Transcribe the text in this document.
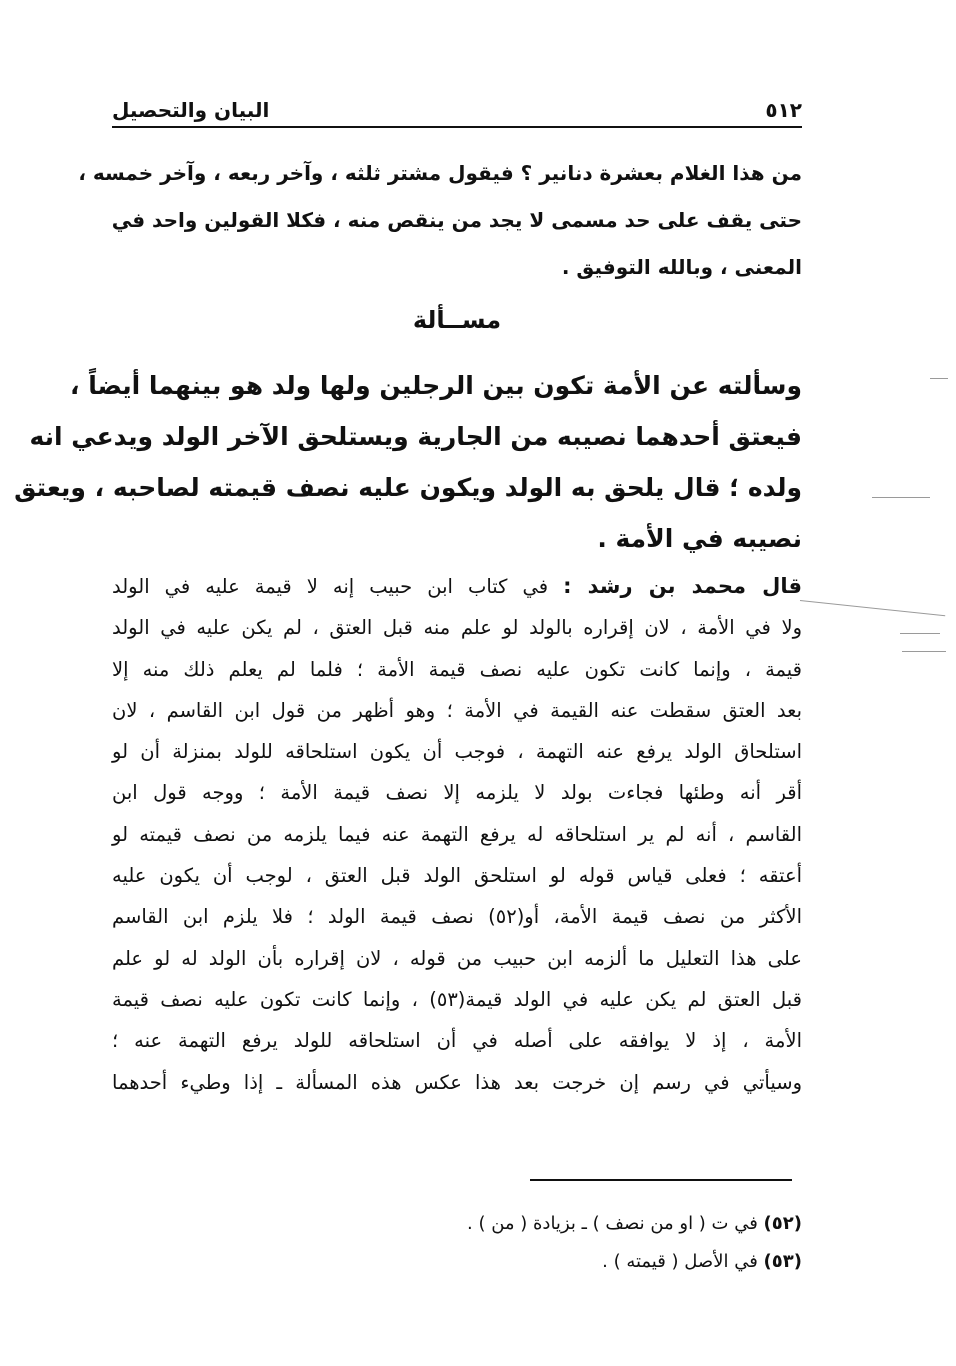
٥١٢
البيان والتحصيل
من هذا الغلام بعشرة دنانير ؟ فيقول مشتر ثلثه ، وآخر ربعه ، وآخر خمسه ،
حتى يقف على حد مسمى لا يجد من ينقص منه ، فكلا القولين واحد في
المعنى ، وبالله التوفيق .
مســألة
وسألته عن الأمة تكون بين الرجلين ولها ولد هو بينهما أيضاً ،
فيعتق أحدهما نصيبه من الجارية ويستلحق الآخر الولد ويدعي انه
ولده ؛ قال يلحق به الولد ويكون عليه نصف قيمته لصاحبه ، ويعتق
نصيبه في الأمة .
قال محمد بن رشد : في كتاب ابن حبيب إنه لا قيمة عليه في الولد
ولا في الأمة ، لان إقراره بالولد لو علم منه قبل العتق ، لم يكن عليه في الولد
قيمة ، وإنما كانت تكون عليه نصف قيمة الأمة ؛ فلما لم يعلم ذلك منه إلا
بعد العتق سقطت عنه القيمة في الأمة ؛ وهو أظهر من قول ابن القاسم ، لان
استلحاق الولد يرفع عنه التهمة ، فوجب أن يكون استلحاقه للولد بمنزلة أن لو
أقر أنه وطئها فجاءت بولد لا يلزمه إلا نصف قيمة الأمة ؛ ووجه قول ابن
القاسم ، أنه لم ير استلحاقه له يرفع التهمة عنه فيما يلزمه من نصف قيمته لو
أعتقه ؛ فعلى قياس قوله لو استلحق الولد قبل العتق ، لوجب أن يكون عليه
الأكثر من نصف قيمة الأمة، أو(٥٢) نصف قيمة الولد ؛ فلا يلزم ابن القاسم
على هذا التعليل ما ألزمه ابن حبيب من قوله ، لان إقراره بأن الولد له لو علم
قبل العتق لم يكن عليه في الولد قيمة(٥٣) ، وإنما كانت تكون عليه نصف قيمة
الأمة ، إذ لا يوافقه على أصله في أن استلحاقه للولد يرفع التهمة عنه ؛
وسيأتي في رسم إن خرجت بعد هذا عكس هذه المسألة ـ إذا وطيء أحدهما
(٥٢) في ت ( او من نصف ) ـ بزيادة ( من ) .
(٥٣) في الأصل ( قيمته ) .
